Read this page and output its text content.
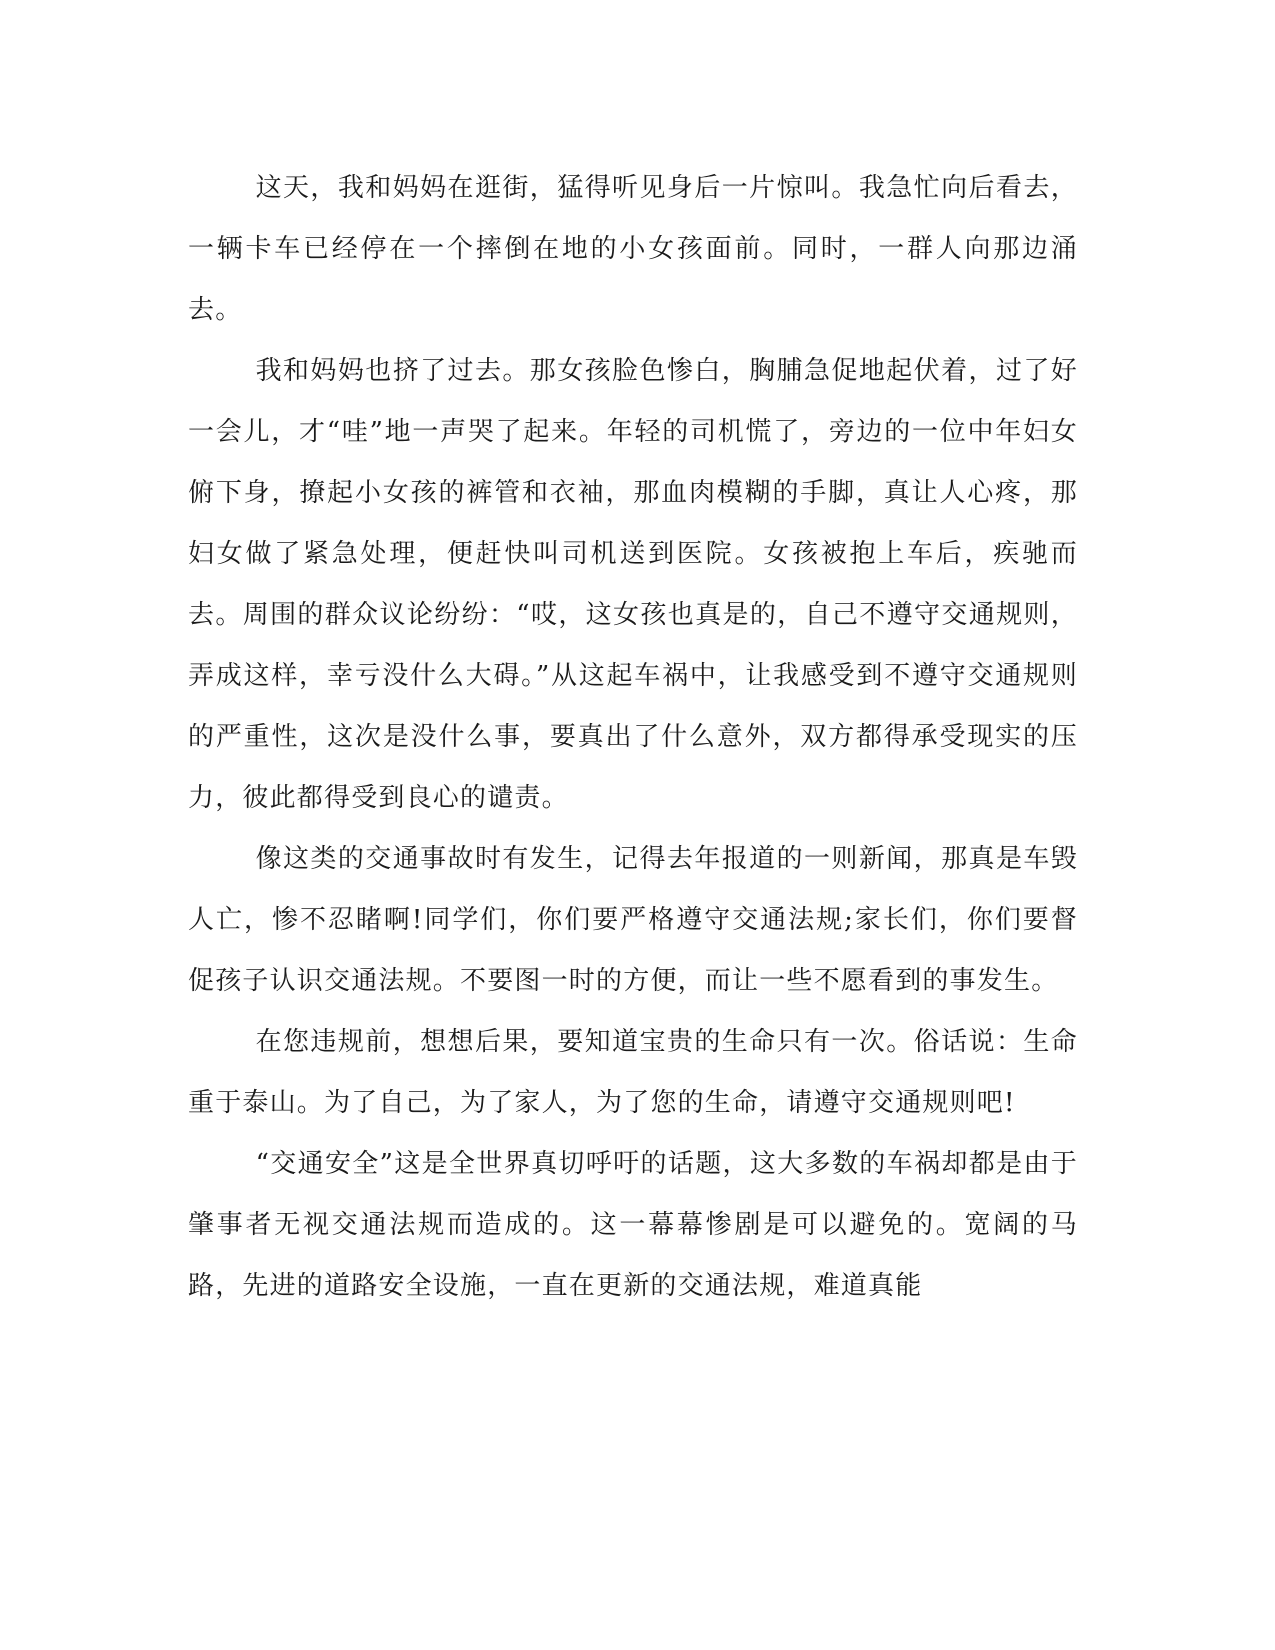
这天，我和妈妈在逛街，猛得听见身后一片惊叫。我急忙向后看去，一辆卡车已经停在一个摔倒在地的小女孩面前。同时，一群人向那边涌去。

我和妈妈也挤了过去。那女孩脸色惨白，胸脯急促地起伏着，过了好一会儿，才“哇”地一声哭了起来。年轻的司机慌了，旁边的一位中年妇女俯下身，撩起小女孩的裤管和衣袖，那血肉模糊的手脚，真让人心疼，那妇女做了紧急处理，便赶快叫司机送到医院。女孩被抱上车后，疾驰而去。周围的群众议论纷纷：“哎，这女孩也真是的，自己不遵守交通规则，弄成这样，幸亏没什么大碍。”从这起车祸中，让我感受到不遵守交通规则的严重性，这次是没什么事，要真出了什么意外，双方都得承受现实的压力，彼此都得受到良心的谴责。

像这类的交通事故时有发生，记得去年报道的一则新闻，那真是车毁人亡，惨不忍睹啊!同学们，你们要严格遵守交通法规;家长们，你们要督促孩子认识交通法规。不要图一时的方便，而让一些不愿看到的事发生。

在您违规前，想想后果，要知道宝贵的生命只有一次。俗话说：生命重于泰山。为了自己，为了家人，为了您的生命，请遵守交通规则吧!

“交通安全”这是全世界真切呼吁的话题，这大多数的车祸却都是由于肇事者无视交通法规而造成的。这一幕幕惨剧是可以避免的。宽阔的马路，先进的道路安全设施，一直在更新的交通法规，难道真能
